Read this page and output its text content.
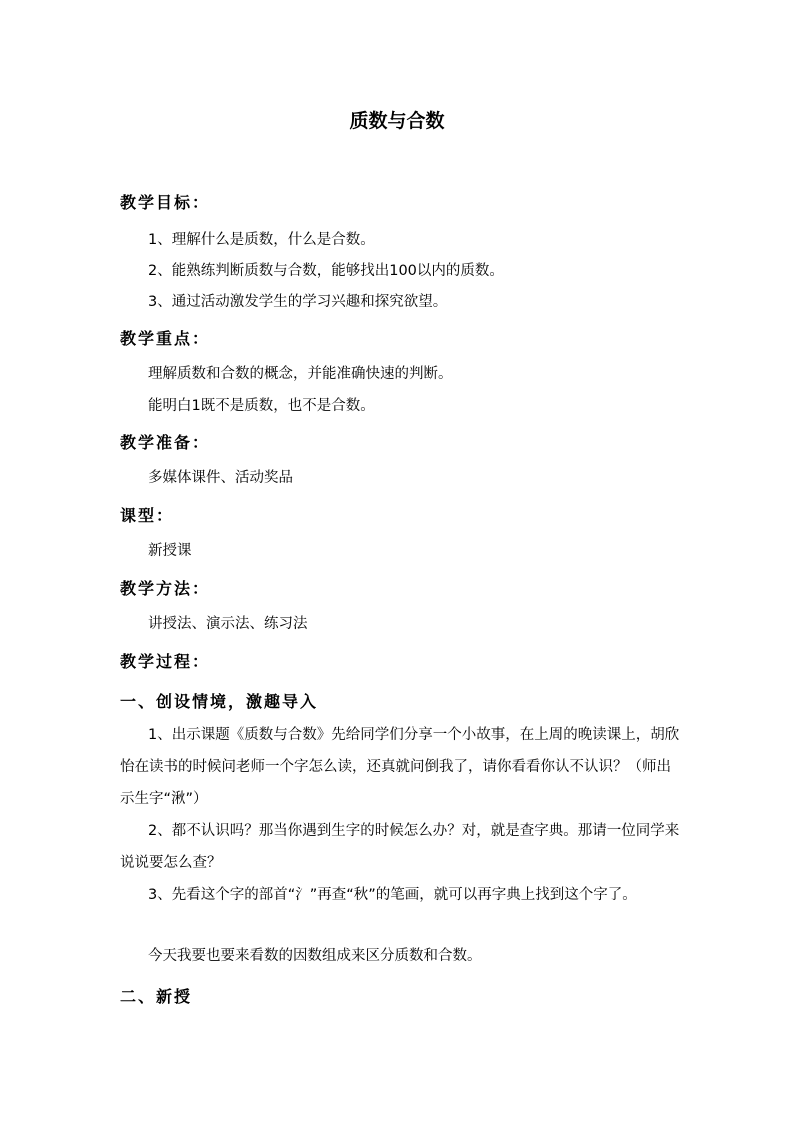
质数与合数
教学目标：
1、理解什么是质数，什么是合数。
2、能熟练判断质数与合数，能够找出100以内的质数。
3、通过活动激发学生的学习兴趣和探究欲望。
教学重点：
理解质数和合数的概念，并能准确快速的判断。
能明白1既不是质数，也不是合数。
教学准备：
多媒体课件、活动奖品
课型：
新授课
教学方法：
讲授法、演示法、练习法
教学过程：
一、创设情境，激趣导入
1、出示课题《质数与合数》先给同学们分享一个小故事，在上周的晚读课上，胡欣怡在读书的时候问老师一个字怎么读，还真就问倒我了，请你看看你认不认识？（师出示生字“湫”）
2、都不认识吗？那当你遇到生字的时候怎么办？对，就是查字典。那请一位同学来说说要怎么查？
3、先看这个字的部首“氵”再查“秋”的笔画，就可以再字典上找到这个字了。
今天我要也要来看数的因数组成来区分质数和合数。
二、新授
